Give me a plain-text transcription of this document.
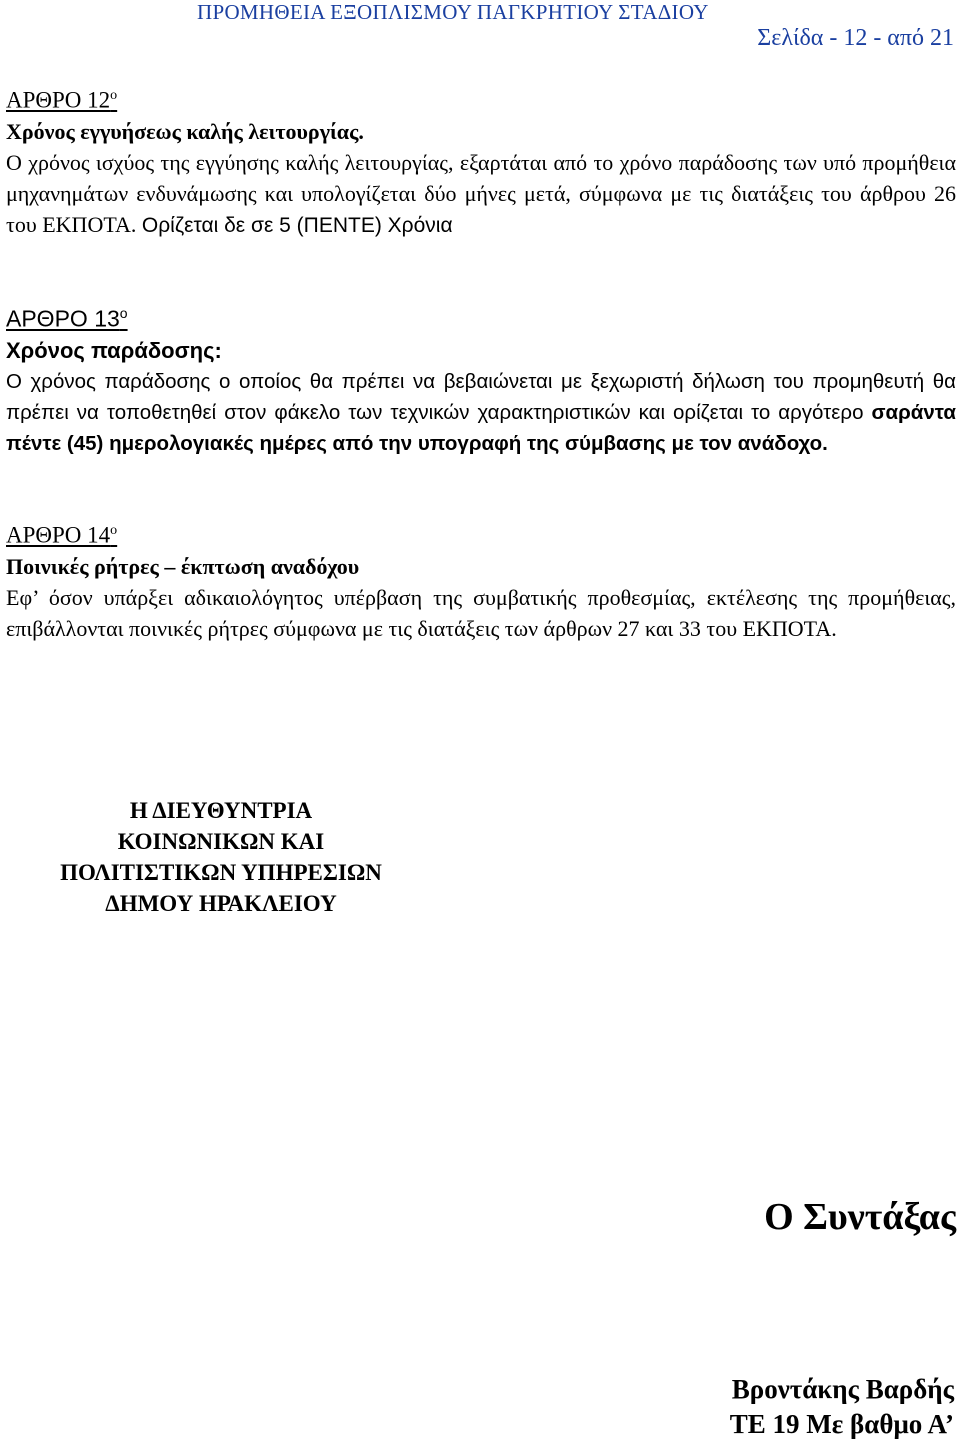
ΠΡΟΜΗΘΕΙΑ ΕΞΟΠΛΙΣΜΟΥ ΠΑΓΚΡΗΤΙΟΥ ΣΤΑΔΙΟΥ
Σελίδα - 12 - από 21
ΑΡΘΡΟ $12^o$
Χρόνος εγγυήσεως καλής λειτουργίας.
Ο χρόνος ισχύος της εγγύησης καλής λειτουργίας, εξαρτάται από το χρόνο παράδοσης των υπό προμήθεια μηχανημάτων ενδυνάμωσης και υπολογίζεται δύο μήνες μετά, σύμφωνα με τις διατάξεις του άρθρου 26 του ΕΚΠΟΤΑ. Ορίζεται δε σε 5 (ΠΕΝΤΕ) Χρόνια
ΑΡΘΡΟ $13^o$
Χρόνος παράδοσης:
Ο χρόνος παράδοσης ο οποίος θα πρέπει να βεβαιώνεται με ξεχωριστή δήλωση του προμηθευτή θα πρέπει να τοποθετηθεί στον φάκελο των τεχνικών χαρακτηριστικών και ορίζεται το αργότερο σαράντα πέντε (45) ημερολογιακές ημέρες από την υπογραφή της σύμβασης με τον ανάδοχο.
ΑΡΘΡΟ $14^o$
Ποινικές ρήτρες – έκπτωση αναδόχου
Εφ’ όσον υπάρξει αδικαιολόγητος υπέρβαση της συμβατικής προθεσμίας, εκτέλεσης της προμήθειας, επιβάλλονται ποινικές ρήτρες σύμφωνα με τις διατάξεις των άρθρων 27 και 33 του ΕΚΠΟΤΑ.
Η ΔΙΕΥΘΥΝΤΡΙΑ
ΚΟΙΝΩΝΙΚΩΝ ΚΑΙ
ΠΟΛΙΤΙΣΤΙΚΩΝ ΥΠΗΡΕΣΙΩΝ
ΔΗΜΟΥ ΗΡΑΚΛΕΙΟΥ
Ο Συντάξας
Βροντάκης Βαρδής
ΤΕ 19 Με βαθμο Α’
